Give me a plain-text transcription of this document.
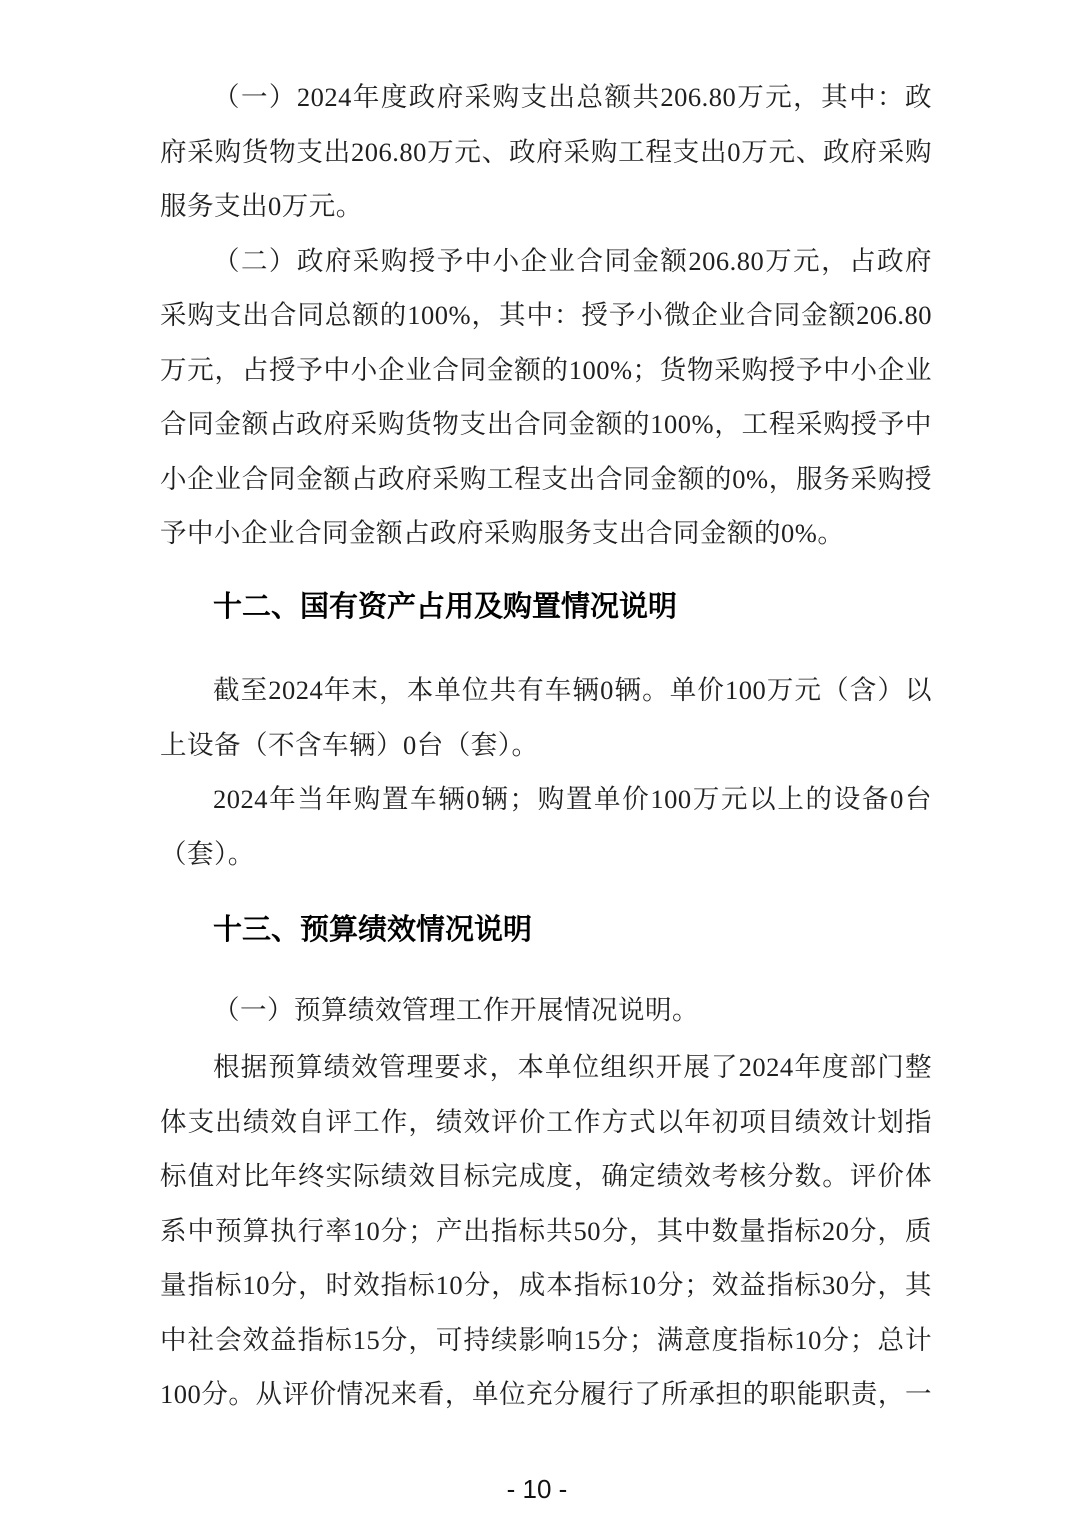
（一）2024年度政府采购支出总额共206.80万元，其中：政
府采购货物支出206.80万元、政府采购工程支出0万元、政府采购
服务支出0万元。
（二）政府采购授予中小企业合同金额206.80万元，占政府
采购支出合同总额的100%，其中：授予小微企业合同金额206.80
万元，占授予中小企业合同金额的100%；货物采购授予中小企业
合同金额占政府采购货物支出合同金额的100%，工程采购授予中
小企业合同金额占政府采购工程支出合同金额的0%，服务采购授
予中小企业合同金额占政府采购服务支出合同金额的0%。
十二、国有资产占用及购置情况说明
截至2024年末，本单位共有车辆0辆。单价100万元（含）以
上设备（不含车辆）0台（套）。
2024年当年购置车辆0辆；购置单价100万元以上的设备0台
（套）。
十三、预算绩效情况说明
（一）预算绩效管理工作开展情况说明。
根据预算绩效管理要求，本单位组织开展了2024年度部门整
体支出绩效自评工作，绩效评价工作方式以年初项目绩效计划指
标值对比年终实际绩效目标完成度，确定绩效考核分数。评价体
系中预算执行率10分；产出指标共50分，其中数量指标20分，质
量指标10分，时效指标10分，成本指标10分；效益指标30分，其
中社会效益指标15分，可持续影响15分；满意度指标10分；总计
100分。从评价情况来看，单位充分履行了所承担的职能职责，一
- 10 -
